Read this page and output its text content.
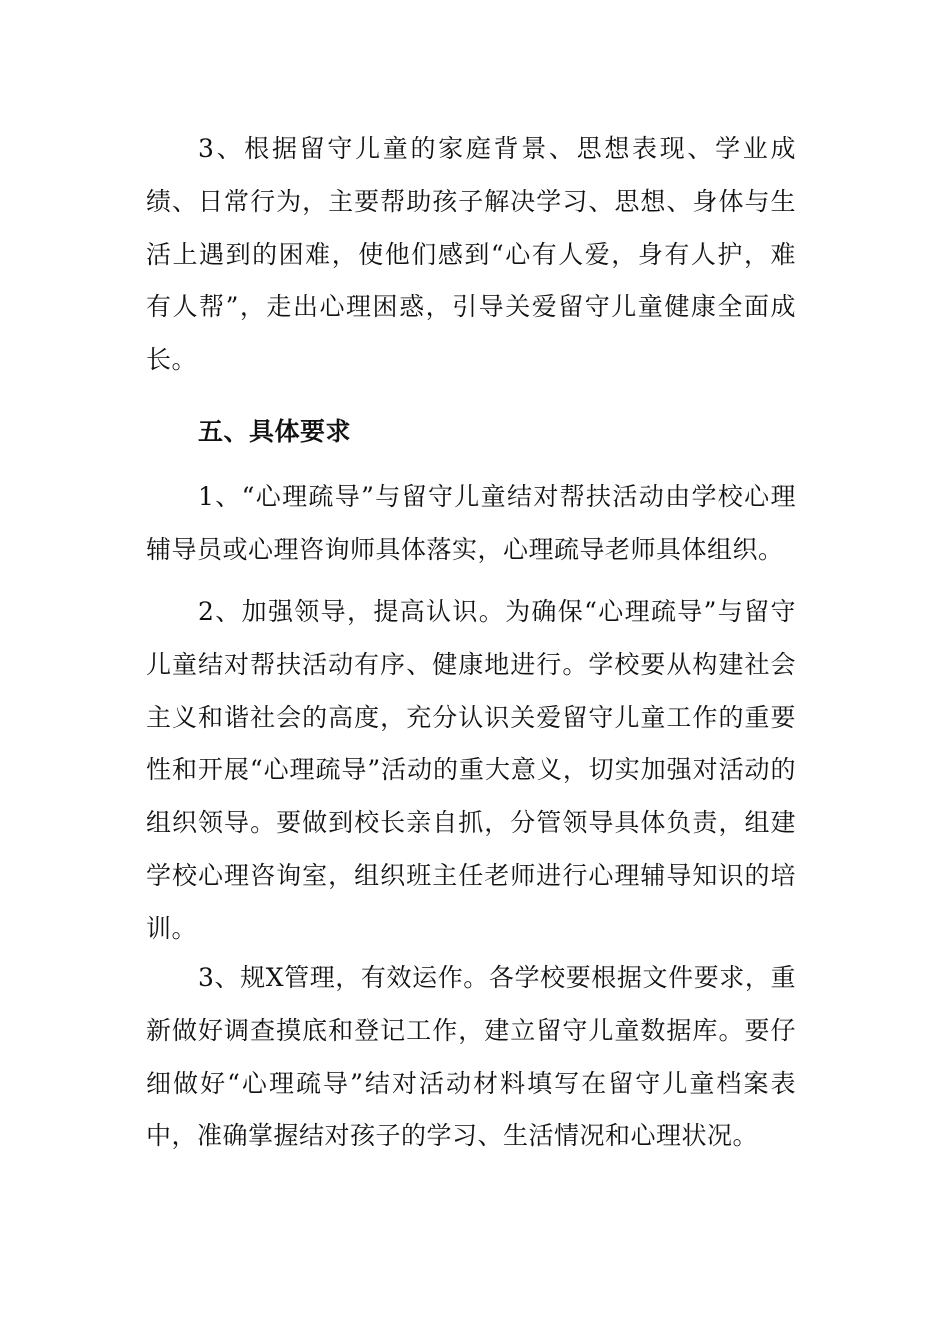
3、根据留守儿童的家庭背景、思想表现、学业成绩、日常行为，主要帮助孩子解决学习、思想、身体与生活上遇到的困难，使他们感到“心有人爱，身有人护，难有人帮”，走出心理困惑，引导关爱留守儿童健康全面成长。

五、具体要求

1、“心理疏导”与留守儿童结对帮扶活动由学校心理辅导员或心理咨询师具体落实，心理疏导老师具体组织。

2、加强领导，提高认识。为确保“心理疏导”与留守儿童结对帮扶活动有序、健康地进行。学校要从构建社会主义和谐社会的高度，充分认识关爱留守儿童工作的重要性和开展“心理疏导”活动的重大意义，切实加强对活动的组织领导。要做到校长亲自抓，分管领导具体负责，组建学校心理咨询室，组织班主任老师进行心理辅导知识的培训。

3、规X管理，有效运作。各学校要根据文件要求，重新做好调查摸底和登记工作，建立留守儿童数据库。要仔细做好“心理疏导”结对活动材料填写在留守儿童档案表中，准确掌握结对孩子的学习、生活情况和心理状况。
